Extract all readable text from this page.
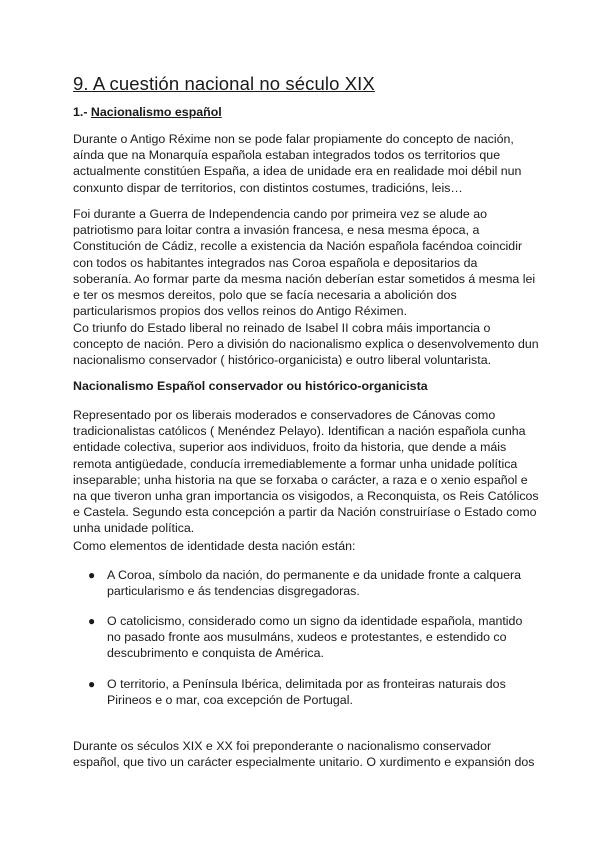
9. A cuestión nacional no século XIX
1.- Nacionalismo español
Durante o Antigo Réxime non se pode falar propiamente do concepto de nación,
aínda que na Monarquía española estaban integrados todos os territorios que
actualmente constitúen España, a idea de unidade era en realidade moi débil nun
conxunto dispar de territorios, con distintos costumes, tradicións, leis…
Foi durante a Guerra de Independencia cando por primeira vez se alude ao
patriotismo para loitar contra a invasión francesa, e nesa mesma época, a
Constitución de Cádiz, recolle a existencia da Nación española facéndoa coincidir
con todos os habitantes integrados nas Coroa española e depositarios da
soberanía. Ao formar parte da mesma nación deberían estar sometidos á mesma lei
e ter os mesmos dereitos, polo que se facía necesaria a abolición dos
particularismos propios dos vellos reinos do Antigo Réximen.
Co triunfo do Estado liberal no reinado de Isabel II cobra máis importancia o
concepto de nación. Pero a división do nacionalismo explica o desenvolvemento dun
nacionalismo conservador ( histórico-organicista) e outro liberal voluntarista.
Nacionalismo Español conservador ou histórico-organicista
Representado por os liberais moderados e conservadores de Cánovas como
tradicionalistas católicos ( Menéndez Pelayo). Identifican a nación española cunha
entidade colectiva, superior aos individuos, froito da historia, que dende a máis
remota antigüedade, conducía irremediablemente a formar unha unidade política
inseparable; unha historia na que se forxaba o carácter, a raza e o xenio español e
na que tiveron unha gran importancia os visigodos, a Reconquista, os Reis Católicos
e Castela. Segundo esta concepción a partir da Nación construiríase o Estado como
unha unidade política.
Como elementos de identidade desta nación están:
● A Coroa, símbolo da nación, do permanente e da unidade fronte a calquera
particularismo e ás tendencias disgregadoras.
● O catolicismo, considerado como un signo da identidade española, mantido
no pasado fronte aos musulmáns, xudeos e protestantes, e estendido co
descubrimento e conquista de América.
● O territorio, a Península Ibérica, delimitada por as fronteiras naturais dos
Pirineos e o mar, coa excepción de Portugal.
Durante os séculos XIX e XX foi preponderante o nacionalismo conservador
español, que tivo un carácter especialmente unitario. O xurdimento e expansión dos
